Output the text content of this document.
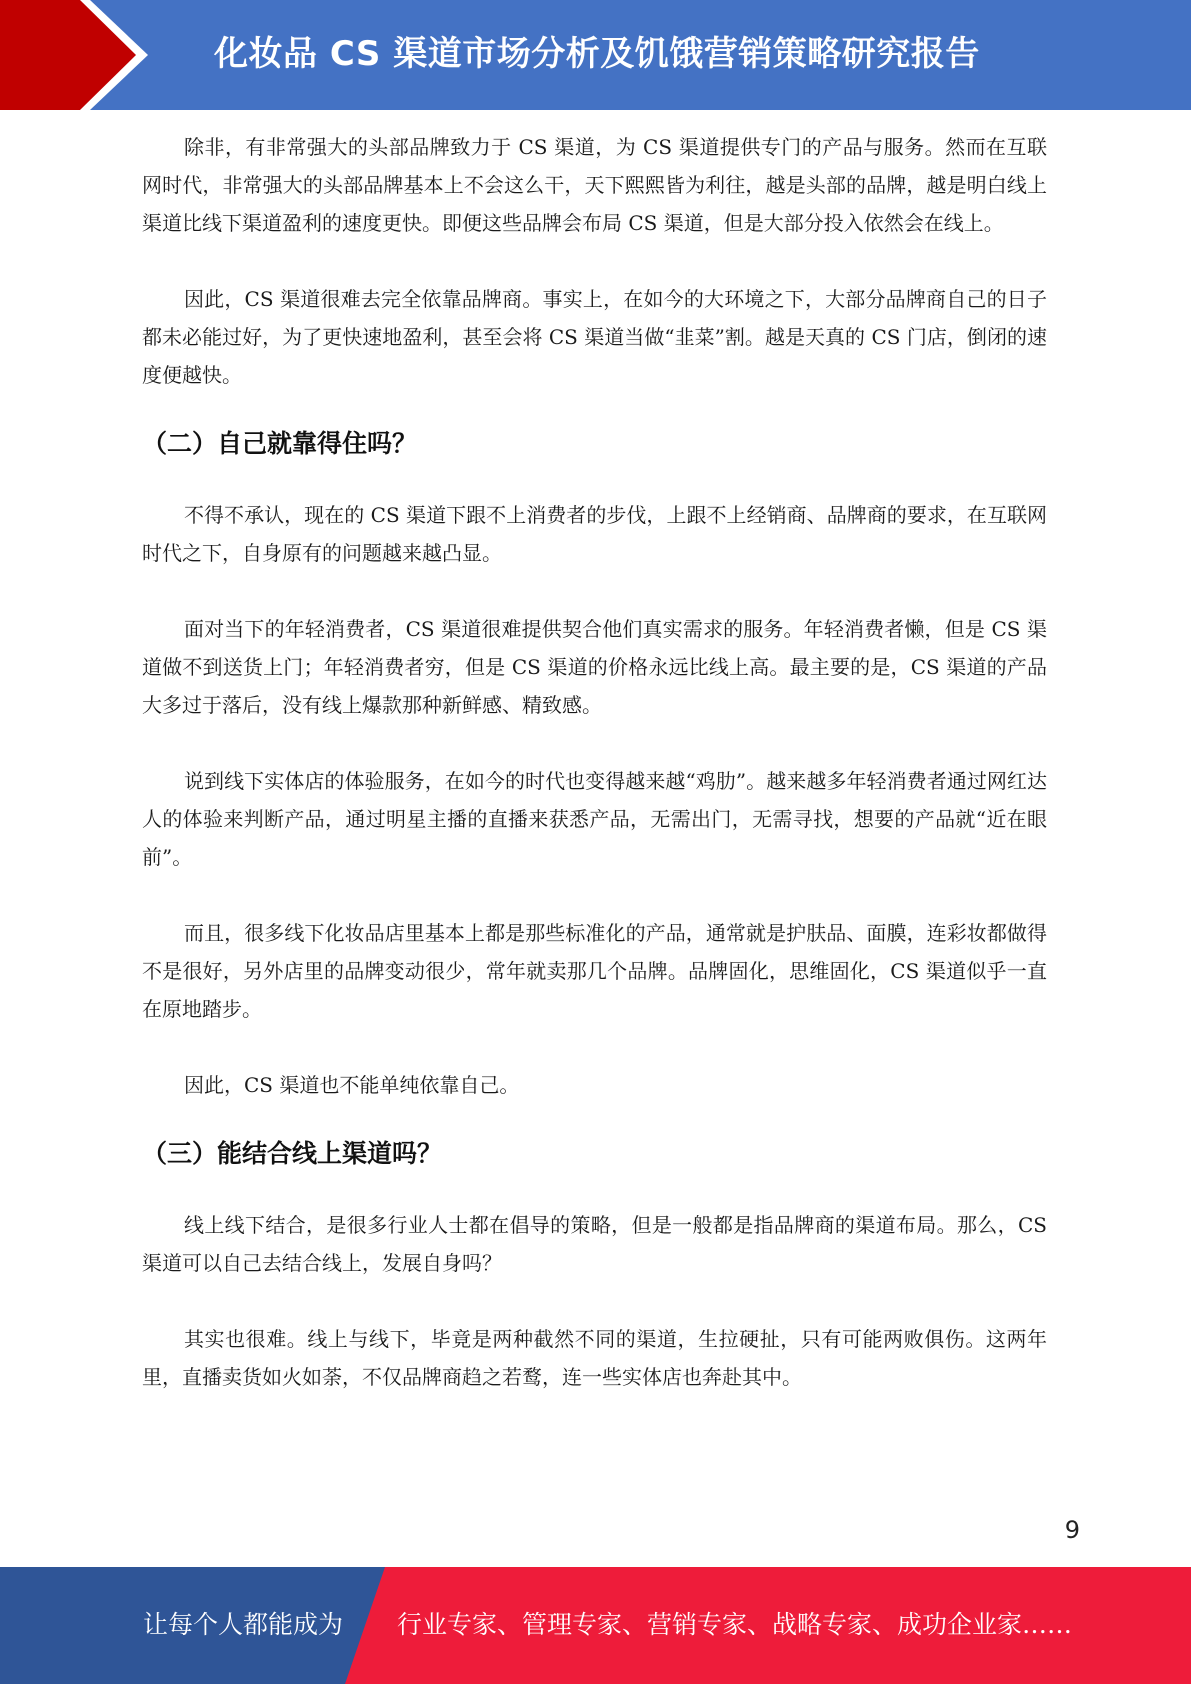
化妆品 CS 渠道市场分析及饥饿营销策略研究报告

除非，有非常强大的头部品牌致力于 CS 渠道，为 CS 渠道提供专门的产品与服务。然而在互联网时代，非常强大的头部品牌基本上不会这么干，天下熙熙皆为利往，越是头部的品牌，越是明白线上渠道比线下渠道盈利的速度更快。即便这些品牌会布局 CS 渠道，但是大部分投入依然会在线上。

因此，CS 渠道很难去完全依靠品牌商。事实上，在如今的大环境之下，大部分品牌商自己的日子都未必能过好，为了更快速地盈利，甚至会将 CS 渠道当做“韭菜”割。越是天真的 CS 门店，倒闭的速度便越快。

（二）自己就靠得住吗？

不得不承认，现在的 CS 渠道下跟不上消费者的步伐，上跟不上经销商、品牌商的要求，在互联网时代之下，自身原有的问题越来越凸显。

面对当下的年轻消费者，CS 渠道很难提供契合他们真实需求的服务。年轻消费者懒，但是 CS 渠道做不到送货上门；年轻消费者穷，但是 CS 渠道的价格永远比线上高。最主要的是，CS 渠道的产品大多过于落后，没有线上爆款那种新鲜感、精致感。

说到线下实体店的体验服务，在如今的时代也变得越来越“鸡肋”。越来越多年轻消费者通过网红达人的体验来判断产品，通过明星主播的直播来获悉产品，无需出门，无需寻找，想要的产品就“近在眼前”。

而且，很多线下化妆品店里基本上都是那些标准化的产品，通常就是护肤品、面膜，连彩妆都做得不是很好，另外店里的品牌变动很少，常年就卖那几个品牌。品牌固化，思维固化，CS 渠道似乎一直在原地踏步。

因此，CS 渠道也不能单纯依靠自己。

（三）能结合线上渠道吗？

线上线下结合，是很多行业人士都在倡导的策略，但是一般都是指品牌商的渠道布局。那么，CS 渠道可以自己去结合线上，发展自身吗？

其实也很难。线上与线下，毕竟是两种截然不同的渠道，生拉硬扯，只有可能两败俱伤。这两年里，直播卖货如火如荼，不仅品牌商趋之若鹜，连一些实体店也奔赴其中。

9
让每个人都能成为 行业专家、管理专家、营销专家、战略专家、成功企业家……
